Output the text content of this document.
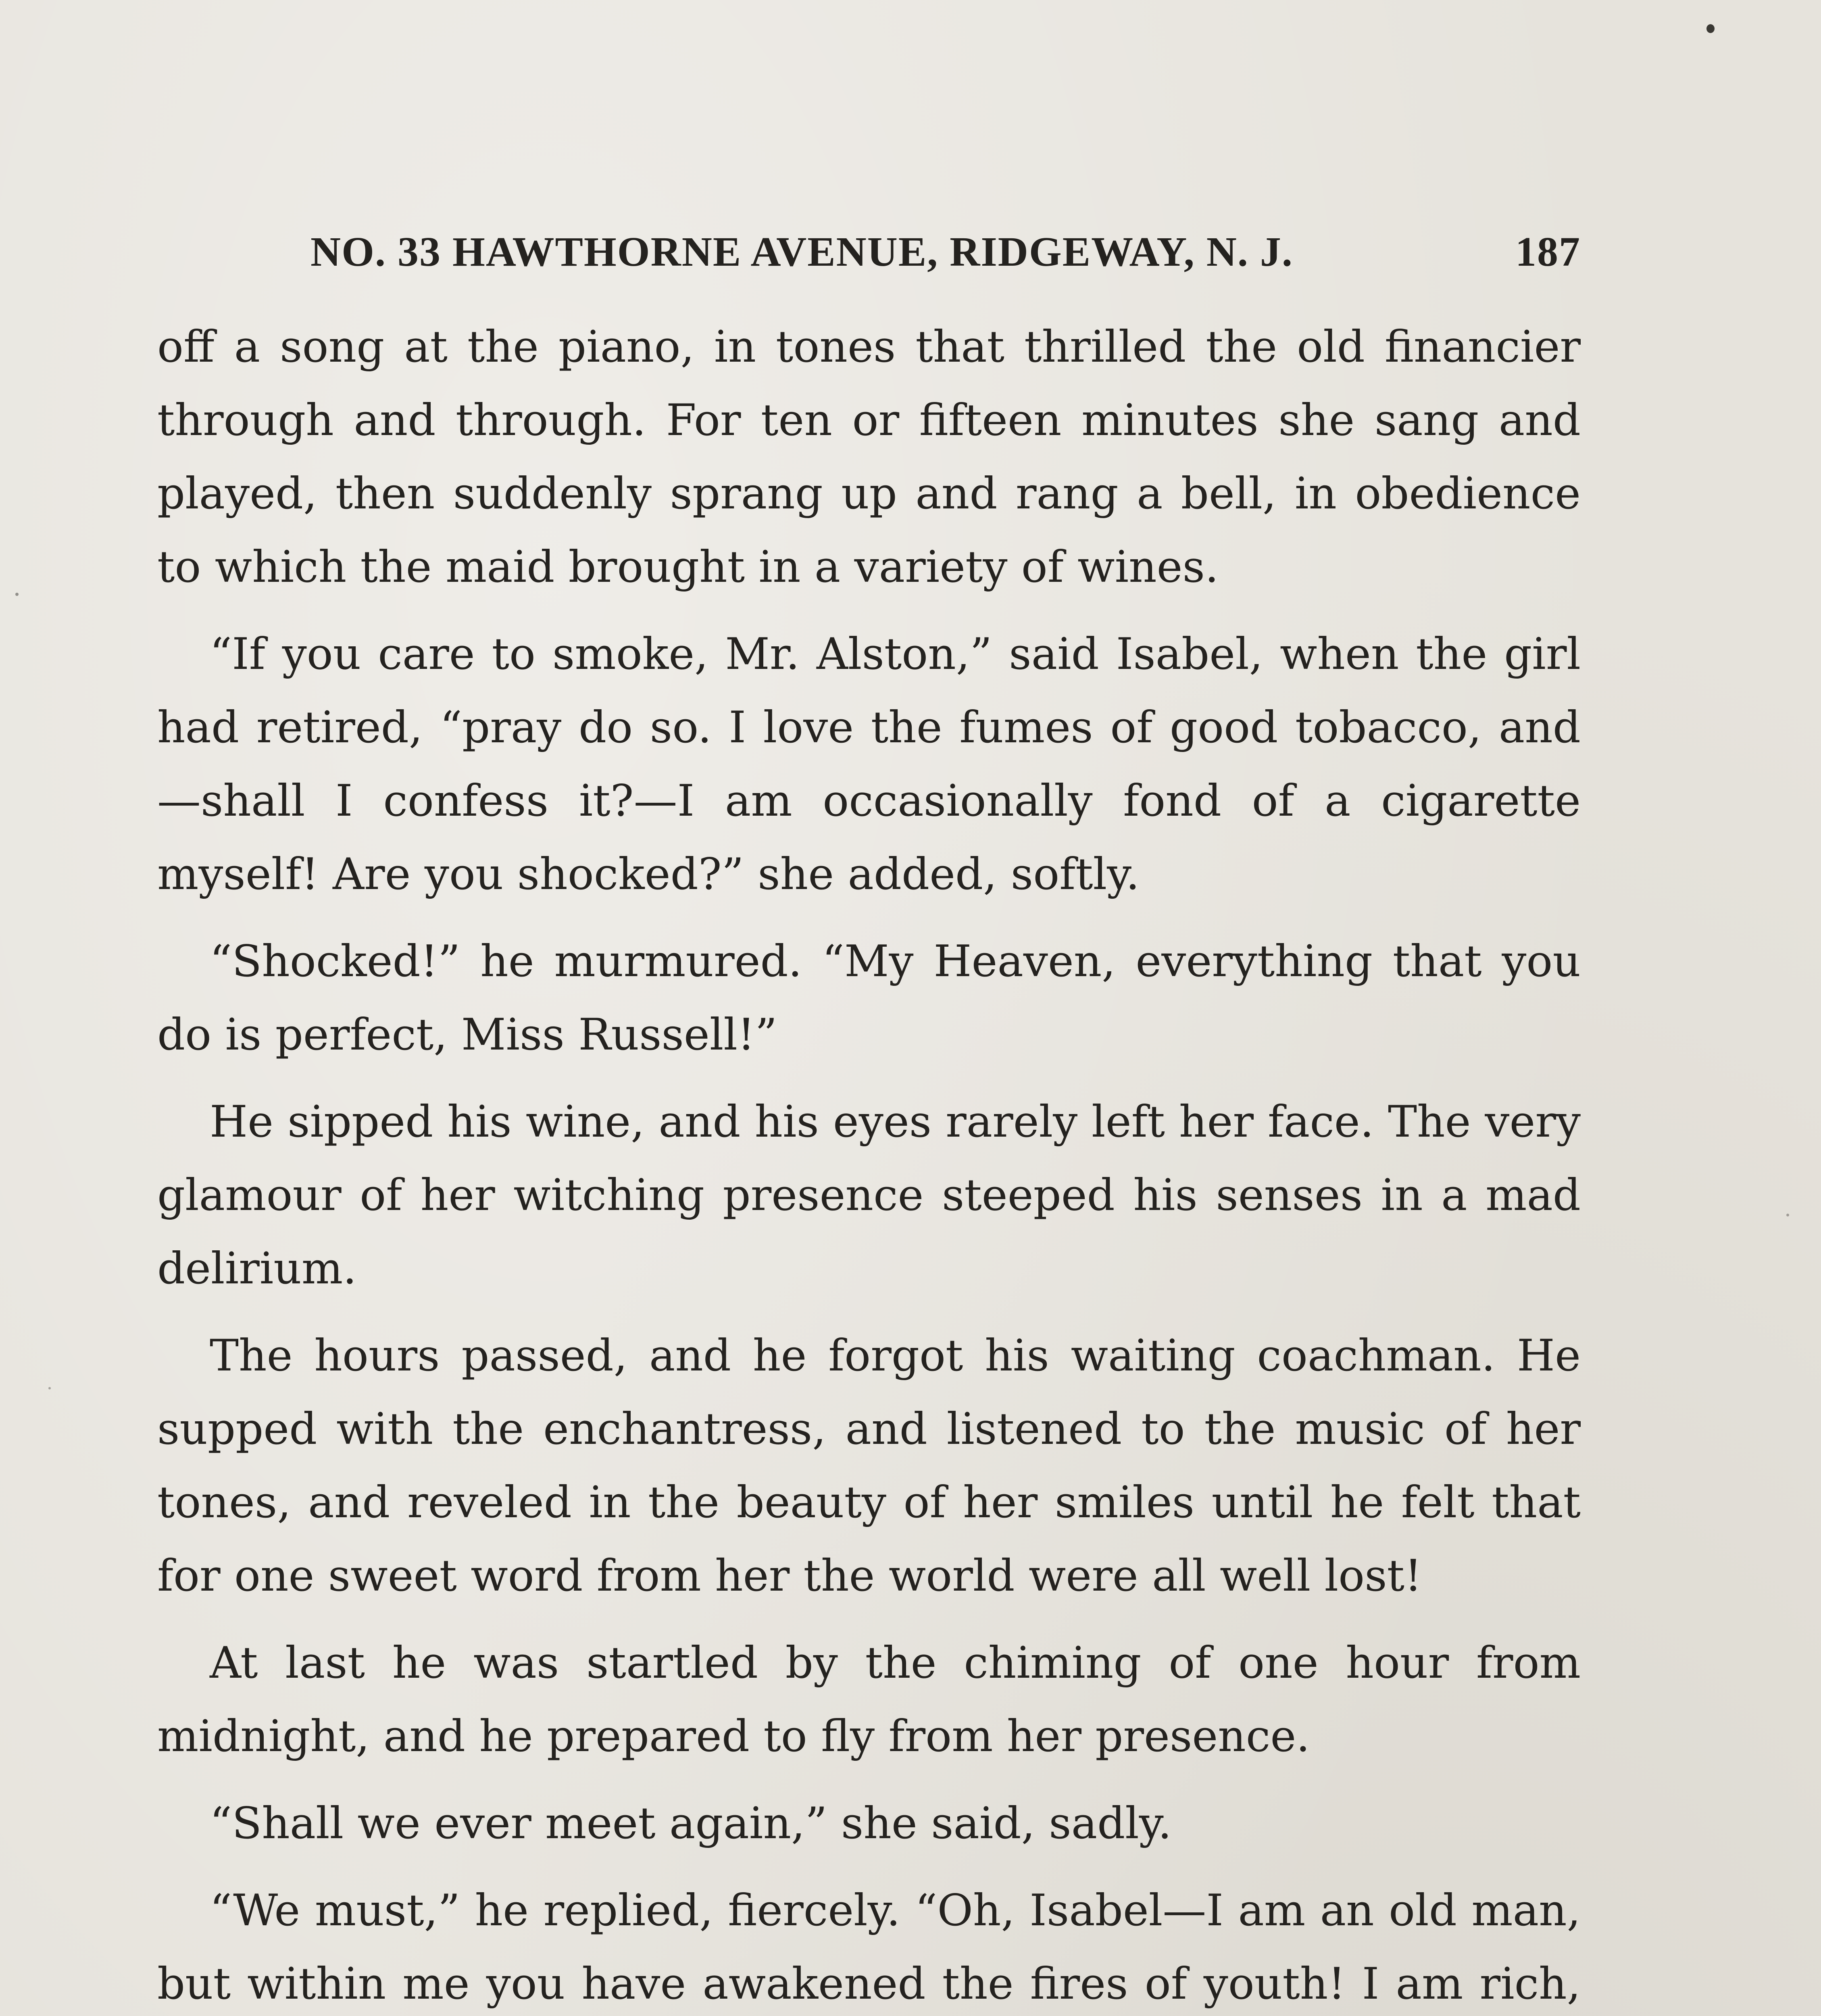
NO. 33 HAWTHORNE AVENUE, RIDGEWAY, N. J.	187

off a song at the piano, in tones that thrilled the old financier through and through. For ten or fifteen minutes she sang and played, then suddenly sprang up and rang a bell, in obedience to which the maid brought in a variety of wines.

“If you care to smoke, Mr. Alston,” said Isabel, when the girl had retired, “pray do so. I love the fumes of good tobacco, and—shall I confess it?—I am occasionally fond of a cigarette myself! Are you shocked?” she added, softly.

“Shocked!” he murmured. “My Heaven, everything that you do is perfect, Miss Russell!”

He sipped his wine, and his eyes rarely left her face. The very glamour of her witching presence steeped his senses in a mad delirium.

The hours passed, and he forgot his waiting coachman. He supped with the enchantress, and listened to the music of her tones, and reveled in the beauty of her smiles until he felt that for one sweet word from her the world were all well lost!

At last he was startled by the chiming of one hour from midnight, and he prepared to fly from her presence.

“Shall we ever meet again,” she said, sadly.

“We must,” he replied, fiercely. “Oh, Isabel—I am an old man, but within me you have awakened the fires of youth! I am rich,
